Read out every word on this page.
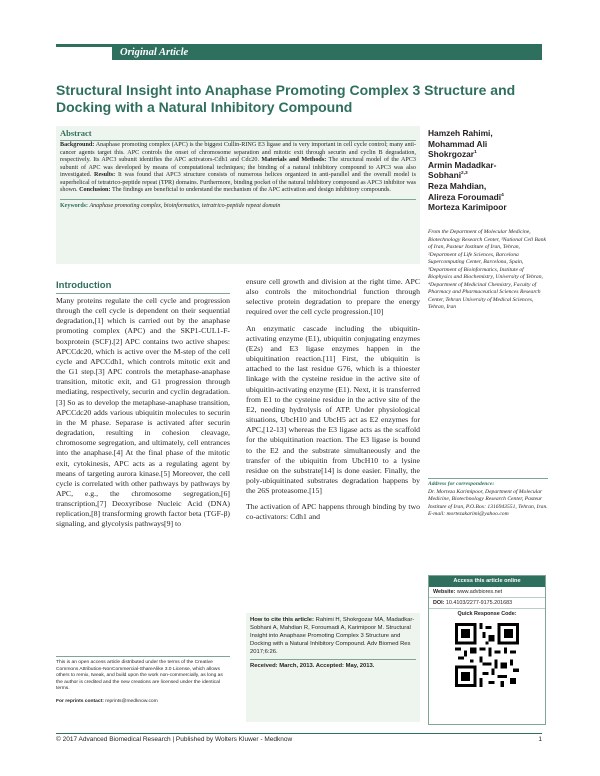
Original Article
Structural Insight into Anaphase Promoting Complex 3 Structure and Docking with a Natural Inhibitory Compound
Abstract

Background: Anaphase promoting complex (APC) is the biggest Cullin-RING E3 ligase and is very important in cell cycle control; many anti-cancer agents target this. APC controls the onset of chromosome separation and mitotic exit through securin and cyclin B degradation, respectively. Its APC3 subunit identifies the APC activators-Cdh1 and Cdc20. Materials and Methods: The structural model of the APC3 subunit of APC was developed by means of computational techniques; the binding of a natural inhibitory compound to APC3 was also investigated. Results: It was found that APC3 structure consists of numerous helices organized in anti-parallel and the overall model is superhelical of tetratrico-peptide repeat (TPR) domains. Furthermore, binding pocket of the natural inhibitory compound as APC3 inhibitor was shown. Conclusion: The findings are beneficial to understand the mechanism of the APC activation and design inhibitory compounds.

Keywords: Anaphase promoting complex, bioinformatics, tetratrico-peptide repeat domain

Hamzeh Rahimi,
Mohammad Ali
Shokrgozar$^1$
Armin Madadkar-
Sobhani$^{2,3}$
Reza Mahdian,
Alireza Foroumadi$^4$
Morteza Karimipoor
From the Department of Molecular Medicine, Biotechnology Research Center, ¹National Cell Bank of Iran, Pasteur Institute of Iran, Tehran, ²Department of Life Sciences, Barcelona Supercomputing Center, Barcelona, Spain, ³Department of Bioinformatics, Institute of Biophysics and Biochemistry, University of Tehran, ⁴Department of Medicinal Chemistry, Faculty of Pharmacy and Pharmaceutical Sciences Research Center, Tehran University of Medical Sciences, Tehran, Iran
Address for correspondence:
Dr. Morteza Karimipoor, Department of Molecular Medicine, Biotechnology Research Center, Pasteur Institute of Iran, P.O.Box: 1316943551, Tehran, Iran. E-mail: mortezakarimi@yahoo.com
Access this article online
Website: www.advbiores.net
DOI: 10.4103/2277-9175.201683
Quick Response Code:
Introduction

Many proteins regulate the cell cycle and progression through the cell cycle is dependent on their sequential degradation,[1] which is carried out by the anaphase promoting complex (APC) and the SKP1-CUL1-F-boxprotein (SCF).[2] APC contains two active shapes: APCCdc20, which is active over the M-step of the cell cycle and APCCdh1, which controls mitotic exit and the G1 step.[3] APC controls the metaphase-anaphase transition, mitotic exit, and G1 progression through mediating, respectively, securin and cyclin degradation.[3] So as to develop the metaphase-anaphase transition, APCCdc20 adds various ubiquitin molecules to securin in the M phase. Separase is activated after securin degradation, resulting in cohesion cleavage, chromosome segregation, and ultimately, cell entrances into the anaphase.[4] At the final phase of the mitotic exit, cytokinesis, APC acts as a regulating agent by means of targeting aurora kinase.[5] Moreover, the cell cycle is correlated with other pathways by pathways by APC, e.g., the chromosome segregation,[6] transcription,[7] Deoxyribose Nucleic Acid (DNA) replication,[8] transforming growth factor beta (TGF-β) signaling, and glycolysis pathways[9] to

ensure cell growth and division at the right time. APC also controls the mitochondrial function through selective protein degradation to prepare the energy required over the cell cycle progression.[10]

An enzymatic cascade including the ubiquitin-activating enzyme (E1), ubiquitin conjugating enzymes (E2s) and E3 ligase enzymes happen in the ubiquitination reaction.[11] First, the ubiquitin is attached to the last residue G76, which is a thioester linkage with the cysteine residue in the active site of ubiquitin-activating enzyme (E1). Next, it is transferred from E1 to the cysteine residue in the active site of the E2, needing hydrolysis of ATP. Under physiological situations, UbcH10 and UbcH5 act as E2 enzymes for APC,[12-13] whereas the E3 ligase acts as the scaffold for the ubiquitination reaction. The E3 ligase is bound to the E2 and the substrate simultaneously and the transfer of the ubiquitin from UbcH10 to a lysine residue on the substrate[14] is done easier. Finally, the poly-ubiquitinated substrates degradation happens by the 26S proteasome.[15]

The activation of APC happens through binding by two co-activators: Cdh1 and

How to cite this article: Rahimi H, Shokrgozar MA, Madadkar-Sobhani A, Mahdian R, Foroumadi A, Karimipoor M. Structural Insight into Anaphase Promoting Complex 3 Structure and Docking with a Natural Inhibitory Compound. Adv Biomed Res 2017;6:26.
Received: March, 2013. Accepted: May, 2013.

This is an open access article distributed under the terms of the Creative Commons Attribution-NonCommercial-ShareAlike 3.0 License, which allows others to remix, tweak, and build upon the work non-commercially, as long as the author is credited and the new creations are licensed under the identical terms.

For reprints contact: reprints@medknow.com

© 2017 Advanced Biomedical Research | Published by Wolters Kluwer - Medknow	1
